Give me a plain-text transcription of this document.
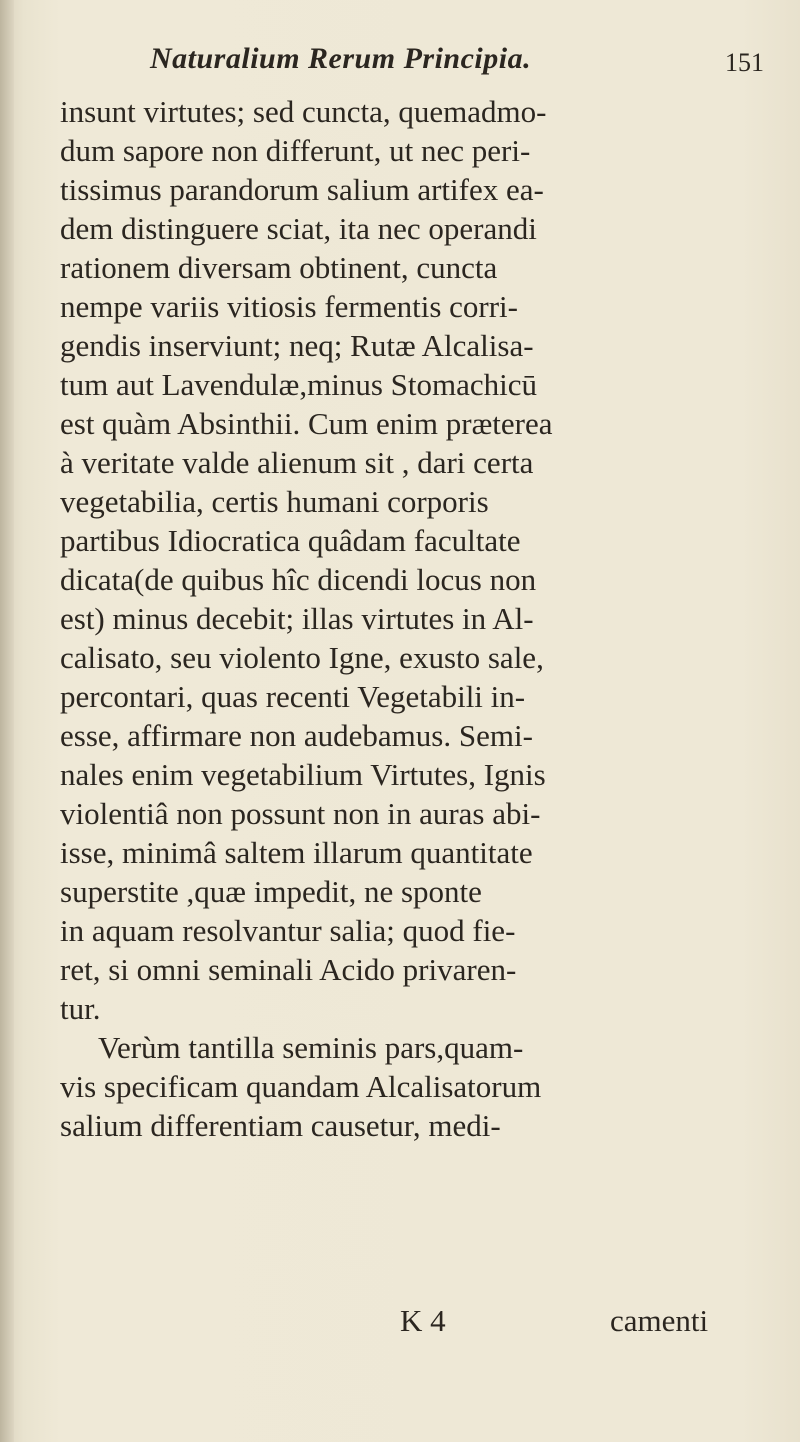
Naturalium Rerum Principia.	151
insunt virtutes; sed cuncta, quemadmo-
dum sapore non differunt, ut nec peri-
tissimus parandorum salium artifex ea-
dem distinguere sciat, ita nec operandi
rationem diversam obtinent, cuncta
nempe variis vitiosis fermentis corri-
gendis inserviunt; neq; Rutæ Alcalisa-
tum aut Lavendulæ,minus Stomachicū
est quàm Absinthii. Cum enim præterea
à veritate valde alienum sit , dari certa
vegetabilia, certis humani corporis
partibus Idiocratica quâdam facultate
dicata(de quibus hîc dicendi locus non
est) minus decebit; illas virtutes in Al-
calisato, seu violento Igne, exusto sale,
percontari, quas recenti Vegetabili in-
esse, affirmare non audebamus. Semi-
nales enim vegetabilium Virtutes, Ignis
violentiâ non possunt non in auras abi-
isse, minimâ saltem illarum quantitate
superstite ,quæ impedit, ne sponte
in aquam resolvantur salia; quod fie-
ret, si omni seminali Acido privaren-
tur.
Verùm tantilla seminis pars,quam-
vis specificam quandam Alcalisatorum
salium differentiam causetur, medi-
K 4	camenti
